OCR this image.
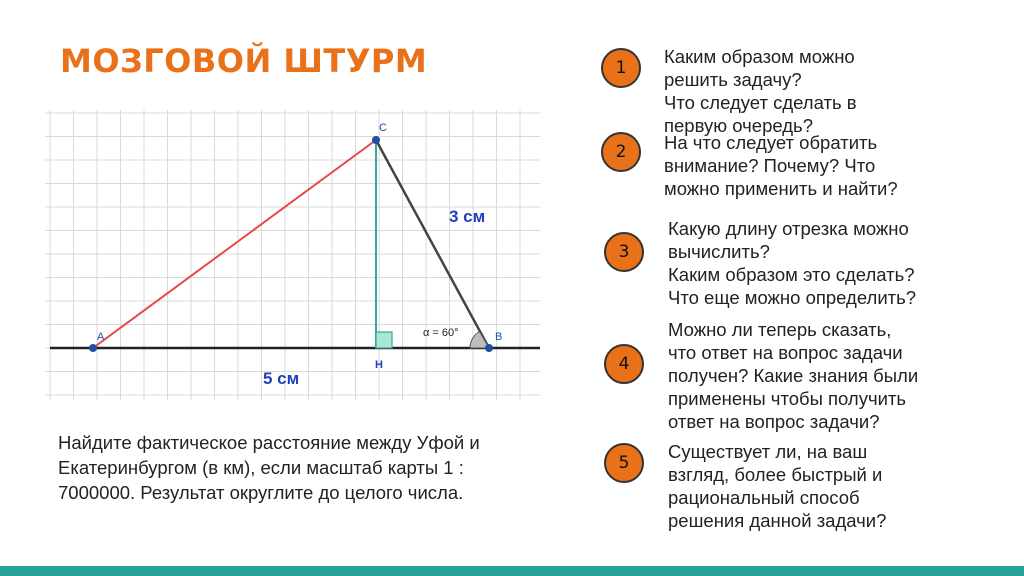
МОЗГОВОЙ ШТУРМ
A	B
C
H
3 см
5 см
α = 60°
Найдите фактическое расстояние между Уфой и Екатеринбургом (в км), если масштаб карты 1 : 7000000. Результат округлите до целого числа.
1
Каким образом можно
решить задачу?
Что следует сделать в
первую очередь?
2	На что следует обратить
внимание? Почему? Что
можно применить и найти?
3
Какую длину отрезка можно
вычислить?
Каким образом это сделать?
Что еще можно определить?
4
Можно ли теперь сказать,
что ответ на вопрос задачи
получен? Какие знания были
применены чтобы получить
ответ на вопрос задачи?
5
Существует ли, на ваш
взгляд, более быстрый и
рациональный способ
решения данной задачи?
